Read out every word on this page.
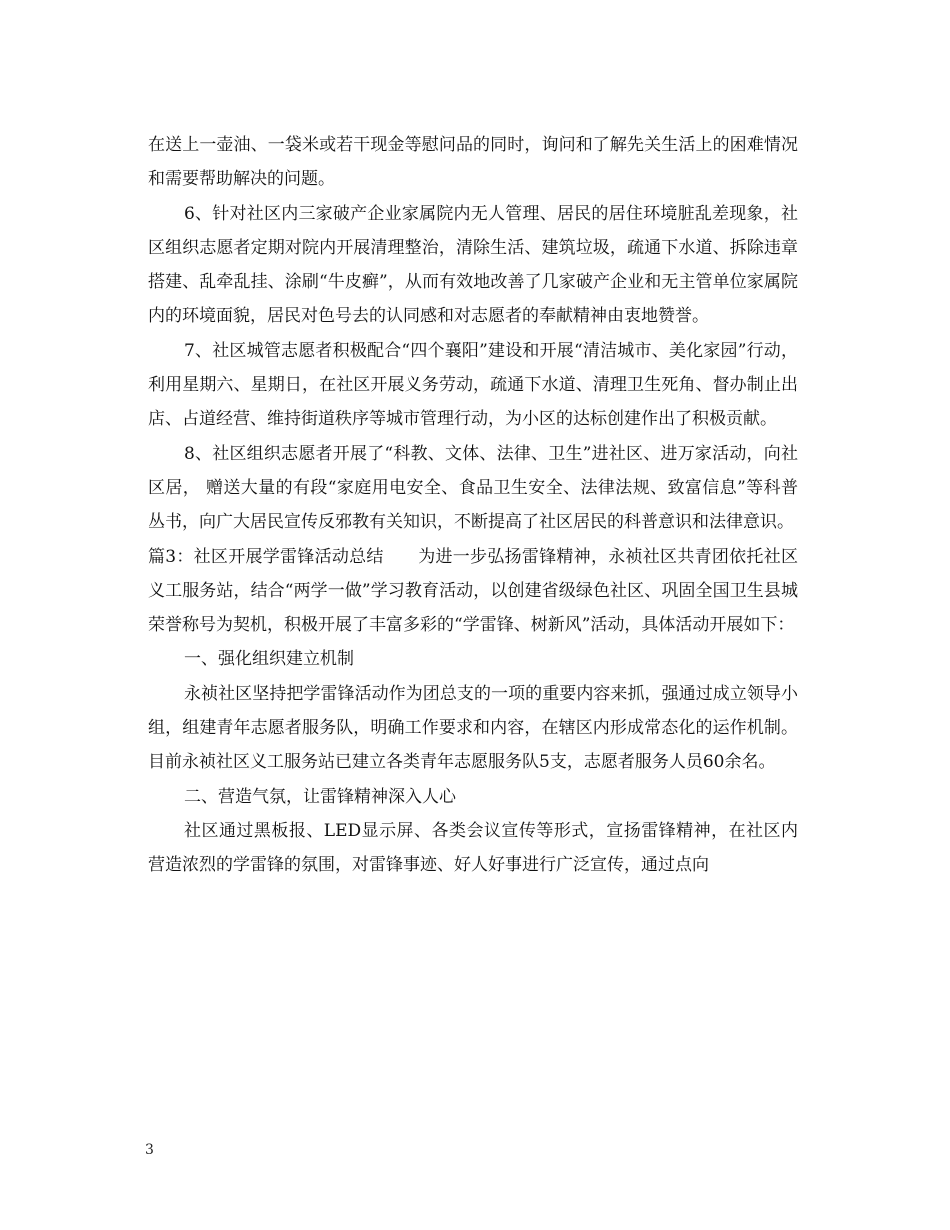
在送上一壶油、一袋米或若干现金等慰问品的同时，询问和了解先关生活上的困难情况和需要帮助解决的问题。

6、针对社区内三家破产企业家属院内无人管理、居民的居住环境脏乱差现象，社区组织志愿者定期对院内开展清理整治，清除生活、建筑垃圾，疏通下水道、拆除违章搭建、乱牵乱挂、涂刷“牛皮癣”，从而有效地改善了几家破产企业和无主管单位家属院内的环境面貌，居民对色号去的认同感和对志愿者的奉献精神由衷地赞誉。

7、社区城管志愿者积极配合“四个襄阳”建设和开展“清洁城市、美化家园”行动，利用星期六、星期日，在社区开展义务劳动，疏通下水道、清理卫生死角、督办制止出店、占道经营、维持街道秩序等城市管理行动，为小区的达标创建作出了积极贡献。

8、社区组织志愿者开展了“科教、文体、法律、卫生”进社区、进万家活动，向社区居， 赠送大量的有段“家庭用电安全、食品卫生安全、法律法规、致富信息”等科普丛书，向广大居民宣传反邪教有关知识，不断提高了社区居民的科普意识和法律意识。

篇3：社区开展学雷锋活动总结　　为进一步弘扬雷锋精神，永祯社区共青团依托社区义工服务站，结合“两学一做”学习教育活动，以创建省级绿色社区、巩固全国卫生县城荣誉称号为契机，积极开展了丰富多彩的“学雷锋、树新风”活动，具体活动开展如下：

一、强化组织建立机制

永祯社区坚持把学雷锋活动作为团总支的一项的重要内容来抓，强通过成立领导小组，组建青年志愿者服务队，明确工作要求和内容，在辖区内形成常态化的运作机制。目前永祯社区义工服务站已建立各类青年志愿服务队5支，志愿者服务人员60余名。

二、营造气氛，让雷锋精神深入人心

社区通过黑板报、LED显示屏、各类会议宣传等形式，宣扬雷锋精神，在社区内营造浓烈的学雷锋的氛围，对雷锋事迹、好人好事进行广泛宣传，通过点向

3
